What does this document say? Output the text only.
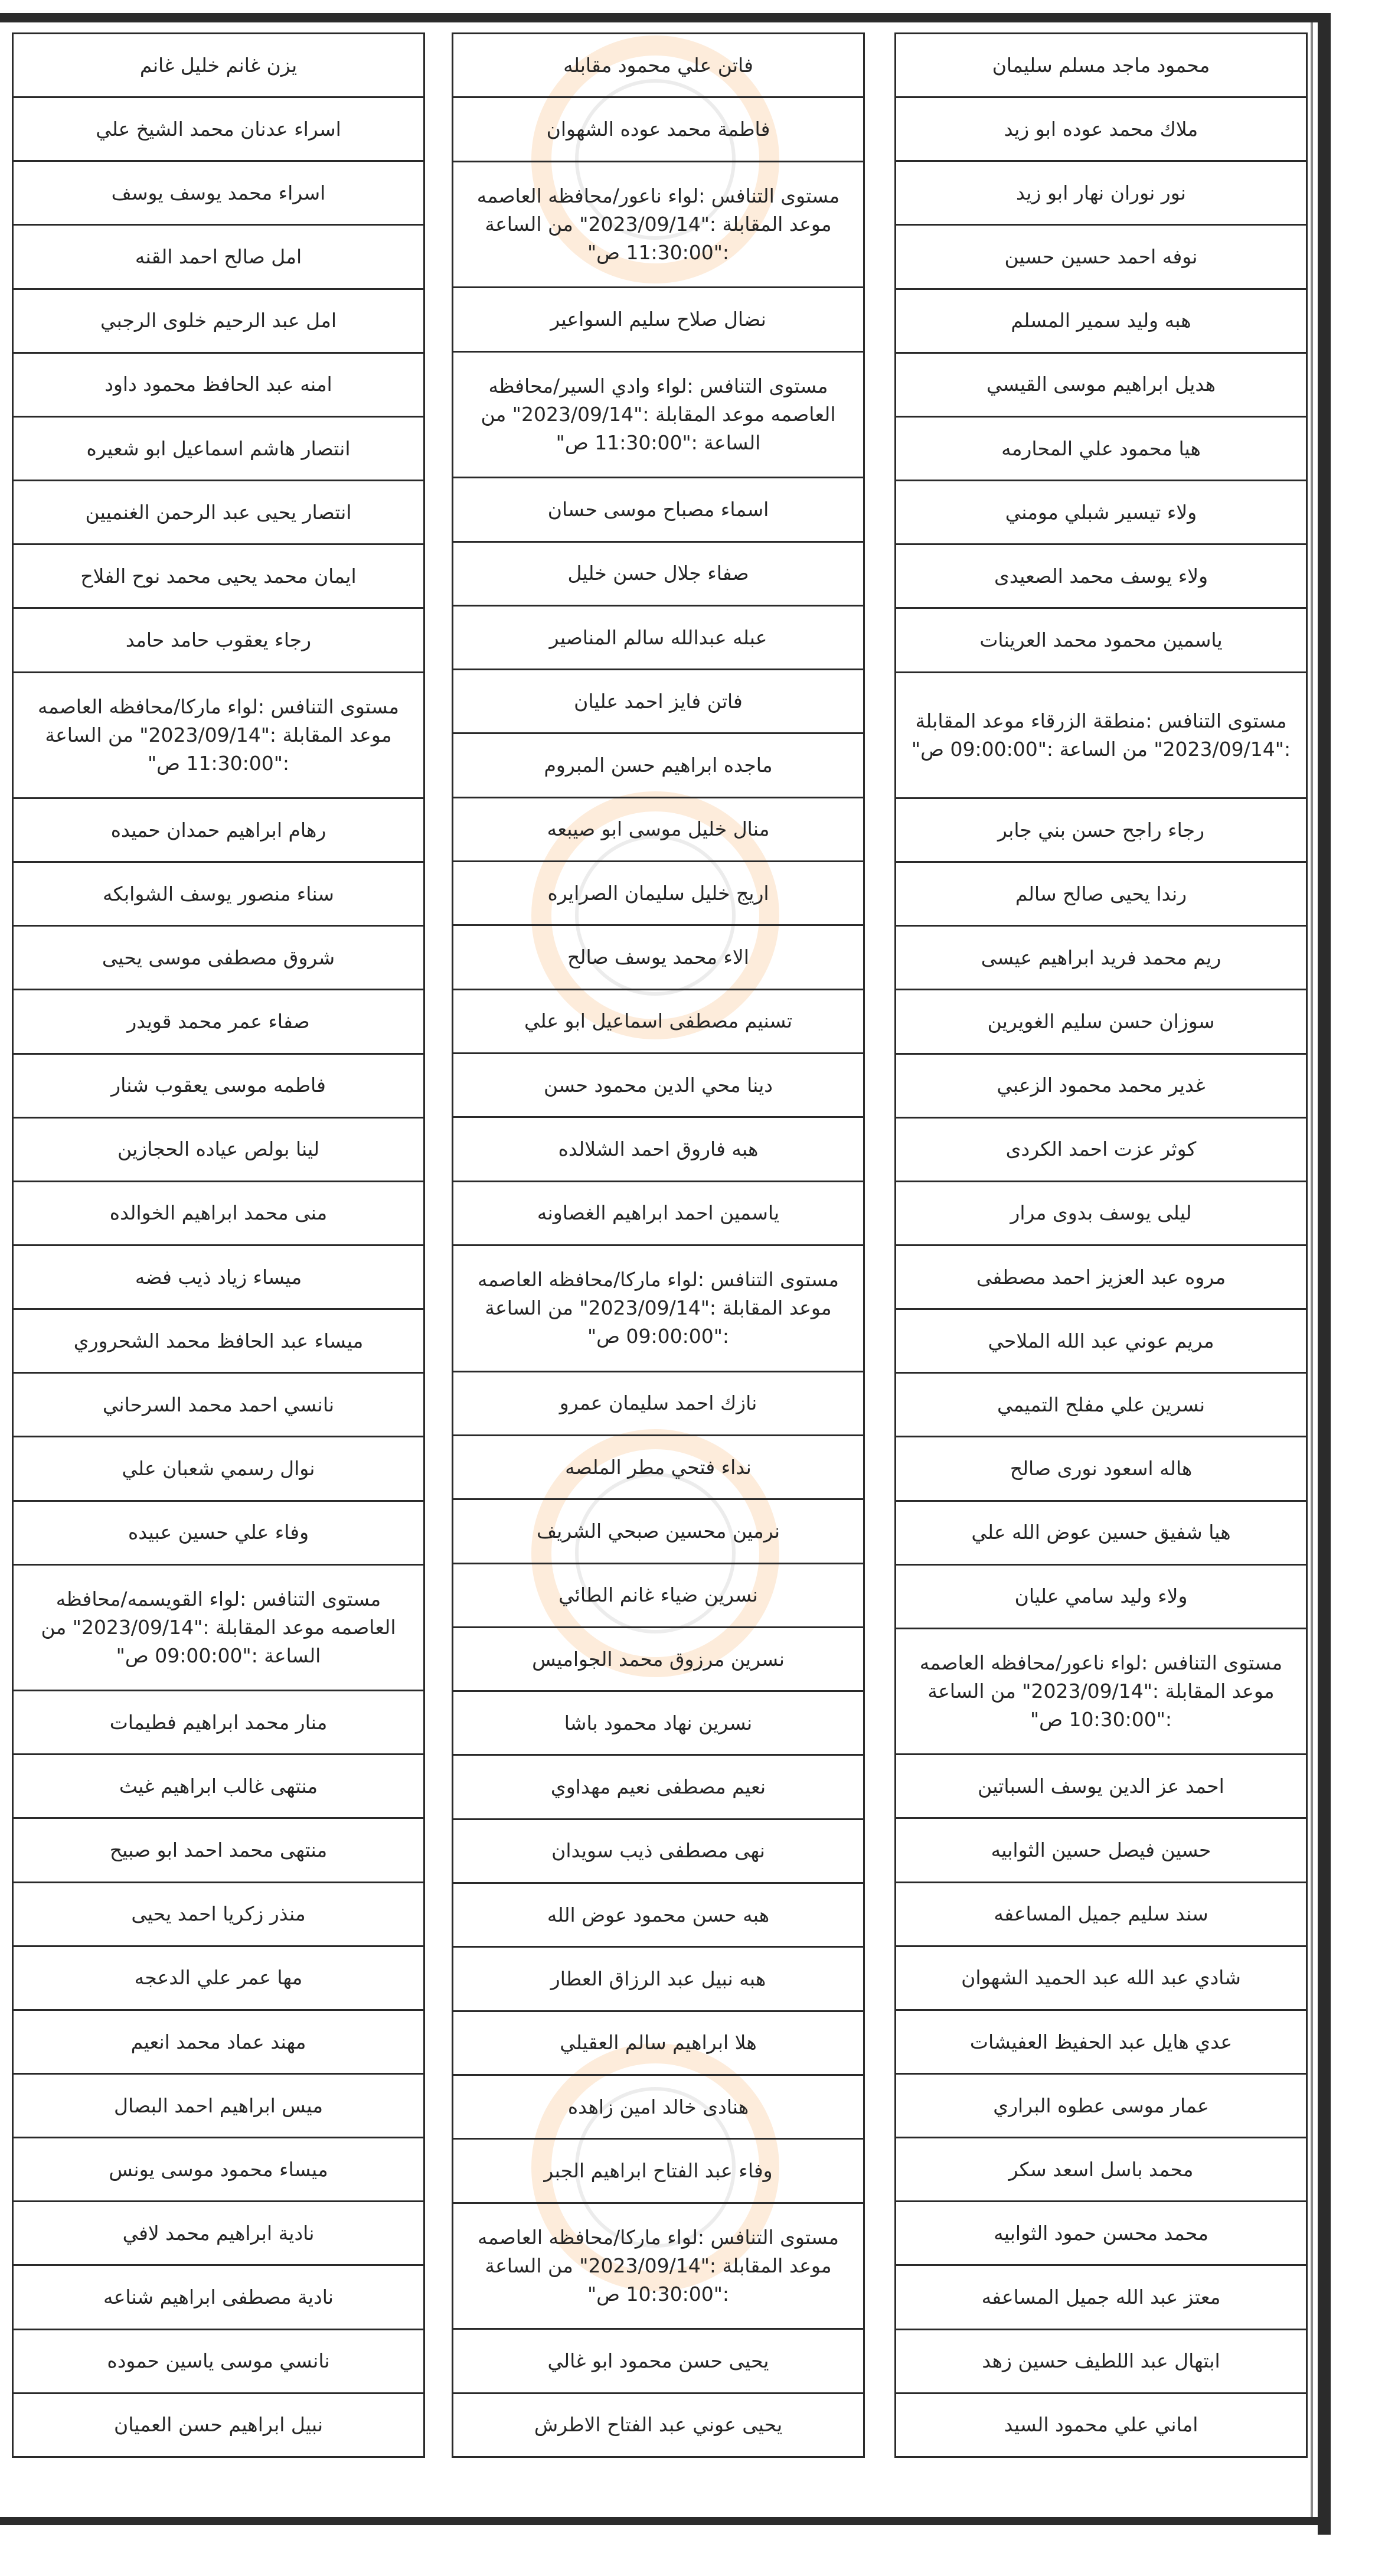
يزن غانم خليل غانم
اسراء عدنان محمد الشيخ علي
اسراء محمد يوسف يوسف
امل صالح احمد القنه
امل عبد الرحيم خلوى الرجبي
امنه عبد الحافظ محمود داود
انتصار هاشم اسماعيل ابو شعيره
انتصار يحيى عبد الرحمن الغنميين
ايمان محمد يحيى محمد نوح الفلاح
رجاء يعقوب حامد حامد
مستوى التنافس :لواء ماركا/محافظه العاصمه موعد المقابلة :"2023/09/14" من الساعة :"11:30:00 ص"
رهام ابراهيم حمدان حميده
سناء منصور يوسف الشوابكه
شروق مصطفى موسى يحيى
صفاء عمر محمد قويدر
فاطمه موسى يعقوب شنار
لينا بولص عياده الحجازين
منى محمد ابراهيم الخوالده
ميساء زياد ذيب فضه
ميساء عبد الحافظ محمد الشحروري
نانسي احمد محمد السرحاني
نوال رسمي شعبان علي
وفاء علي حسين عبيده
مستوى التنافس :لواء القويسمه/محافظه العاصمه موعد المقابلة :"2023/09/14" من الساعة :"09:00:00 ص"
منار محمد ابراهيم فطيمات
منتهى غالب ابراهيم غيث
منتهى محمد احمد ابو صبيح
منذر زكريا احمد يحيى
مها عمر علي الدعجه
مهند عماد محمد انعيم
ميس ابراهيم احمد البصال
ميساء محمود موسى يونس
نادية ابراهيم محمد لافي
نادية مصطفى ابراهيم شناعه
نانسي موسى ياسين حموده
نبيل ابراهيم حسن العميان
فاتن علي محمود مقابله
فاطمة محمد عوده الشهوان
مستوى التنافس :لواء ناعور/محافظه العاصمه موعد المقابلة :"2023/09/14" من الساعة :"11:30:00 ص"
نضال صلاح سليم السواعير
مستوى التنافس :لواء وادي السير/محافظه العاصمه موعد المقابلة :"2023/09/14" من الساعة :"11:30:00 ص"
اسماء مصباح موسى حسان
صفاء جلال حسن خليل
عبله عبدالله سالم المناصير
فاتن فايز احمد عليان
ماجده ابراهيم حسن المبروم
منال خليل موسى ابو صيبعه
اريج خليل سليمان الصرايره
الاء محمد يوسف صالح
تسنيم مصطفى اسماعيل ابو علي
دينا محي الدين محمود حسن
هبه فاروق احمد الشلالده
ياسمين احمد ابراهيم الغصاونه
مستوى التنافس :لواء ماركا/محافظه العاصمه موعد المقابلة :"2023/09/14" من الساعة :"09:00:00 ص"
نازك احمد سليمان عمرو
نداء فتحي مطر الملصه
نرمين محسين صبحي الشريف
نسرين ضياء غانم الطائي
نسرين مرزوق محمد الجواميس
نسرين نهاد محمود باشا
نعيم مصطفى نعيم مهداوي
نهى مصطفى ذيب سويدان
هبه حسن محمود عوض الله
هبه نبيل عبد الرزاق العطار
هلا ابراهيم سالم العقيلي
هنادى خالد امين زاهده
وفاء عبد الفتاح ابراهيم الجبر
مستوى التنافس :لواء ماركا/محافظه العاصمه موعد المقابلة :"2023/09/14" من الساعة :"10:30:00 ص"
يحيى حسن محمود ابو غالي
يحيى عوني عبد الفتاح الاطرش
محمود ماجد مسلم سليمان
ملاك محمد عوده ابو زيد
نور نوران نهار ابو زيد
نوفه احمد حسين حسين
هبه وليد سمير المسلم
هديل ابراهيم موسى القيسي
هيا محمود علي المحارمه
ولاء تيسير شبلي مومني
ولاء يوسف محمد الصعيدى
ياسمين محمود محمد العرينات
مستوى التنافس :منطقة الزرقاء موعد المقابلة :"2023/09/14" من الساعة :"09:00:00 ص"
رجاء راجح حسن بني جابر
رندا يحيى صالح سالم
ريم محمد فريد ابراهيم عيسى
سوزان حسن سليم الغويرين
غدير محمد محمود الزعبي
كوثر عزت احمد الكردى
ليلى يوسف بدوى مرار
مروه عبد العزيز احمد مصطفى
مريم عوني عبد الله الملاحي
نسرين علي مفلح التميمي
هاله اسعود نورى صالح
هيا شفيق حسين عوض الله علي
ولاء وليد سامي عليان
مستوى التنافس :لواء ناعور/محافظه العاصمه موعد المقابلة :"2023/09/14" من الساعة :"10:30:00 ص"
احمد عز الدين يوسف السباتين
حسين فيصل حسين الثوابيه
سند سليم جميل المساعفه
شادي عبد الله عبد الحميد الشهوان
عدي هايل عبد الحفيظ العفيشات
عمار موسى عطوه البراري
محمد باسل اسعد سكر
محمد محسن حمود الثوابيه
معتز عبد الله جميل المساعفه
ابتهال عبد اللطيف حسين زهد
اماني علي محمود السيد
